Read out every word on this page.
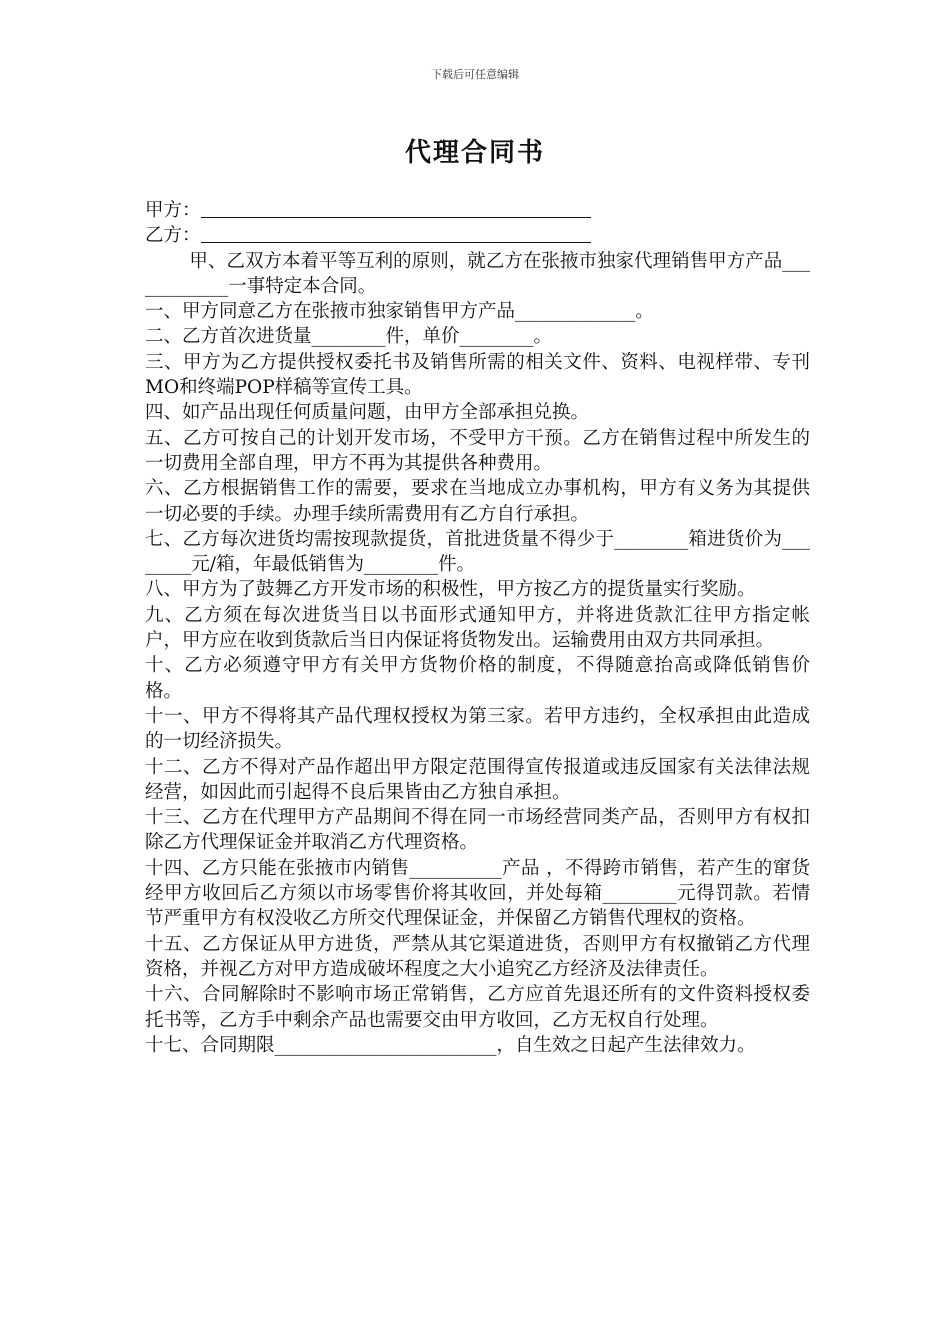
下载后可任意编辑
代理合同书

甲方：

乙方：

甲、乙双方本着平等互利的原则，就乙方在张掖市独家代理销售甲方产品____________一事特定本合同。

一、甲方同意乙方在张掖市独家销售甲方产品_____________。

二、乙方首次进货量________件，单价________。

三、甲方为乙方提供授权委托书及销售所需的相关文件、资料、电视样带、专刊MO和终端POP样稿等宣传工具。

四、如产品出现任何质量问题，由甲方全部承担兑换。

五、乙方可按自己的计划开发市场，不受甲方干预。乙方在销售过程中所发生的一切费用全部自理，甲方不再为其提供各种费用。

六、乙方根据销售工作的需要，要求在当地成立办事机构，甲方有义务为其提供一切必要的手续。办理手续所需费用有乙方自行承担。

七、乙方每次进货均需按现款提货，首批进货量不得少于________箱进货价为________元/箱，年最低销售为________件。

八、甲方为了鼓舞乙方开发市场的积极性，甲方按乙方的提货量实行奖励。

九、乙方须在每次进货当日以书面形式通知甲方，并将进货款汇往甲方指定帐户，甲方应在收到货款后当日内保证将货物发出。运输费用由双方共同承担。

十、乙方必须遵守甲方有关甲方货物价格的制度，不得随意抬高或降低销售价格。

十一、甲方不得将其产品代理权授权为第三家。若甲方违约，全权承担由此造成的一切经济损失。

十二、乙方不得对产品作超出甲方限定范围得宣传报道或违反国家有关法律法规经营，如因此而引起得不良后果皆由乙方独自承担。

十三、乙方在代理甲方产品期间不得在同一市场经营同类产品，否则甲方有权扣除乙方代理保证金并取消乙方代理资格。

十四、乙方只能在张掖市内销售__________产品 ，不得跨市销售，若产生的窜货经甲方收回后乙方须以市场零售价将其收回，并处每箱________元得罚款。若情节严重甲方有权没收乙方所交代理保证金，并保留乙方销售代理权的资格。

十五、乙方保证从甲方进货，严禁从其它渠道进货，否则甲方有权撤销乙方代理资格，并视乙方对甲方造成破坏程度之大小追究乙方经济及法律责任。

十六、合同解除时不影响市场正常销售，乙方应首先退还所有的文件资料授权委托书等，乙方手中剩余产品也需要交由甲方收回，乙方无权自行处理。

十七、合同期限________________________，自生效之日起产生法律效力。
